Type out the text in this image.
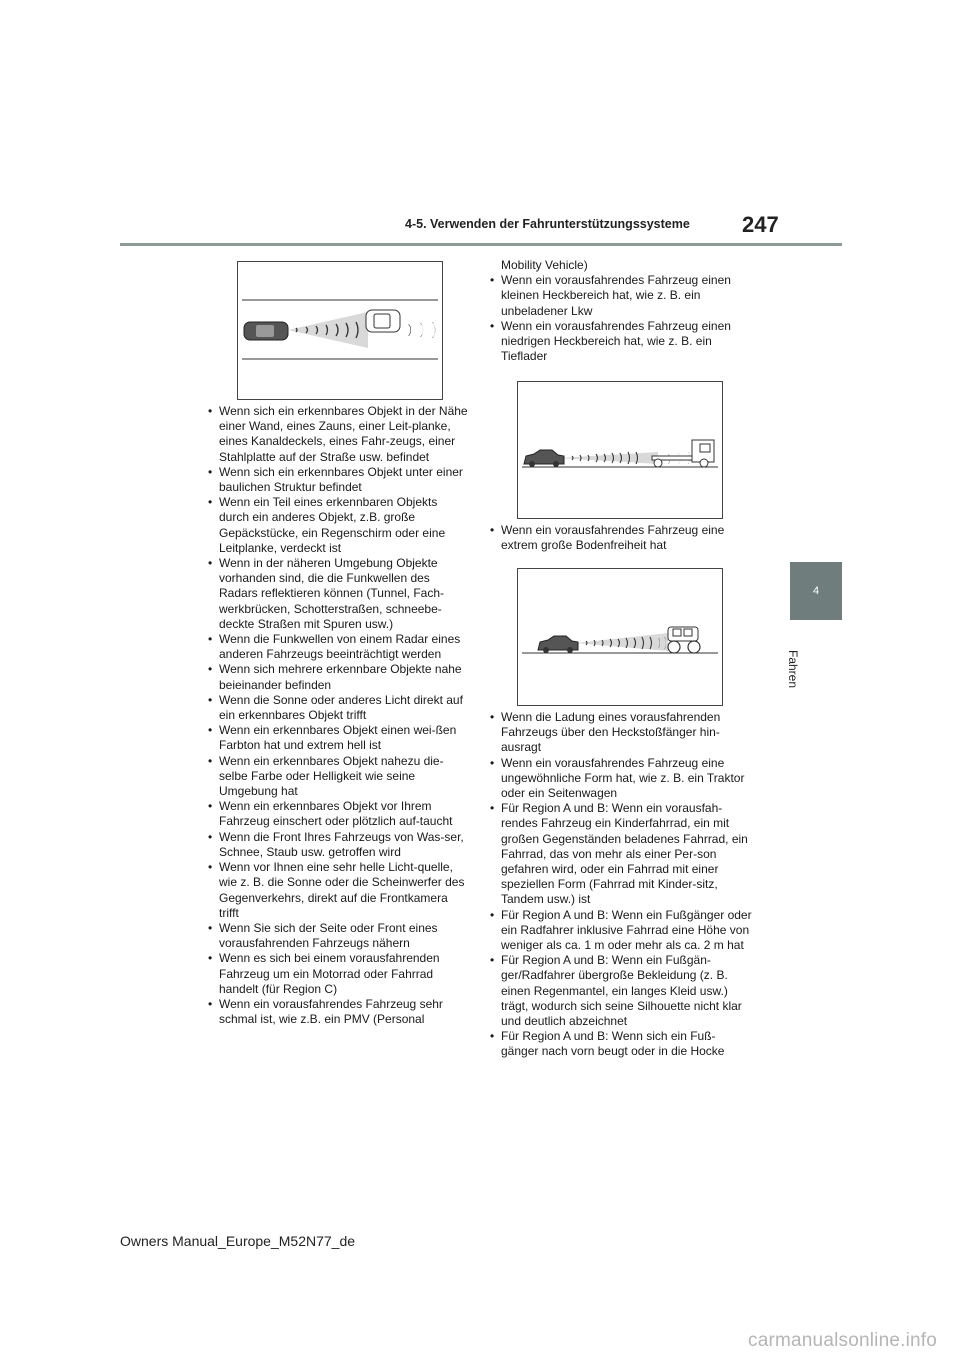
4-5. Verwenden der Fahrunterstützungssysteme 247
4
Fahren
• Wenn sich ein erkennbares Objekt in der Nähe einer Wand, eines Zauns, einer Leit-planke, eines Kanaldeckels, eines Fahr-zeugs, einer Stahlplatte auf der Straße usw. befindet
• Wenn sich ein erkennbares Objekt unter einer baulichen Struktur befindet
• Wenn ein Teil eines erkennbaren Objekts durch ein anderes Objekt, z.B. große Gepäckstücke, ein Regenschirm oder eine Leitplanke, verdeckt ist
• Wenn in der näheren Umgebung Objekte vorhanden sind, die die Funkwellen des Radars reflektieren können (Tunnel, Fach-werkbrücken, Schotterstraßen, schneebe-deckte Straßen mit Spuren usw.)
• Wenn die Funkwellen von einem Radar eines anderen Fahrzeugs beeinträchtigt werden
• Wenn sich mehrere erkennbare Objekte nahe beieinander befinden
• Wenn die Sonne oder anderes Licht direkt auf ein erkennbares Objekt trifft
• Wenn ein erkennbares Objekt einen wei-ßen Farbton hat und extrem hell ist
• Wenn ein erkennbares Objekt nahezu die-selbe Farbe oder Helligkeit wie seine Umgebung hat
• Wenn ein erkennbares Objekt vor Ihrem Fahrzeug einschert oder plötzlich auf-taucht
• Wenn die Front Ihres Fahrzeugs von Was-ser, Schnee, Staub usw. getroffen wird
• Wenn vor Ihnen eine sehr helle Licht-quelle, wie z. B. die Sonne oder die Scheinwerfer des Gegenverkehrs, direkt auf die Frontkamera trifft
• Wenn Sie sich der Seite oder Front eines vorausfahrenden Fahrzeugs nähern
• Wenn es sich bei einem vorausfahrenden Fahrzeug um ein Motorrad oder Fahrrad handelt (für Region C)
• Wenn ein vorausfahrendes Fahrzeug sehr schmal ist, wie z.B. ein PMV (Personal
Mobility Vehicle)
• Wenn ein vorausfahrendes Fahrzeug einen kleinen Heckbereich hat, wie z. B. ein unbeladener Lkw
• Wenn ein vorausfahrendes Fahrzeug einen niedrigen Heckbereich hat, wie z. B. ein Tieflader
• Wenn ein vorausfahrendes Fahrzeug eine extrem große Bodenfreiheit hat
• Wenn die Ladung eines vorausfahrenden Fahrzeugs über den Heckstoßfänger hin-ausragt
• Wenn ein vorausfahrendes Fahrzeug eine ungewöhnliche Form hat, wie z. B. ein Traktor oder ein Seitenwagen
• Für Region A und B: Wenn ein vorausfah-rendes Fahrzeug ein Kinderfahrrad, ein mit großen Gegenständen beladenes Fahrrad, ein Fahrrad, das von mehr als einer Per-son gefahren wird, oder ein Fahrrad mit einer speziellen Form (Fahrrad mit Kinder-sitz, Tandem usw.) ist
• Für Region A und B: Wenn ein Fußgänger oder ein Radfahrer inklusive Fahrrad eine Höhe von weniger als ca. 1 m oder mehr als ca. 2 m hat
• Für Region A und B: Wenn ein Fußgän-ger/Radfahrer übergroße Bekleidung (z. B. einen Regenmantel, ein langes Kleid usw.) trägt, wodurch sich seine Silhouette nicht klar und deutlich abzeichnet
• Für Region A und B: Wenn sich ein Fuß-gänger nach vorn beugt oder in die Hocke
Owners Manual_Europe_M52N77_de
carmanualsonline.info
